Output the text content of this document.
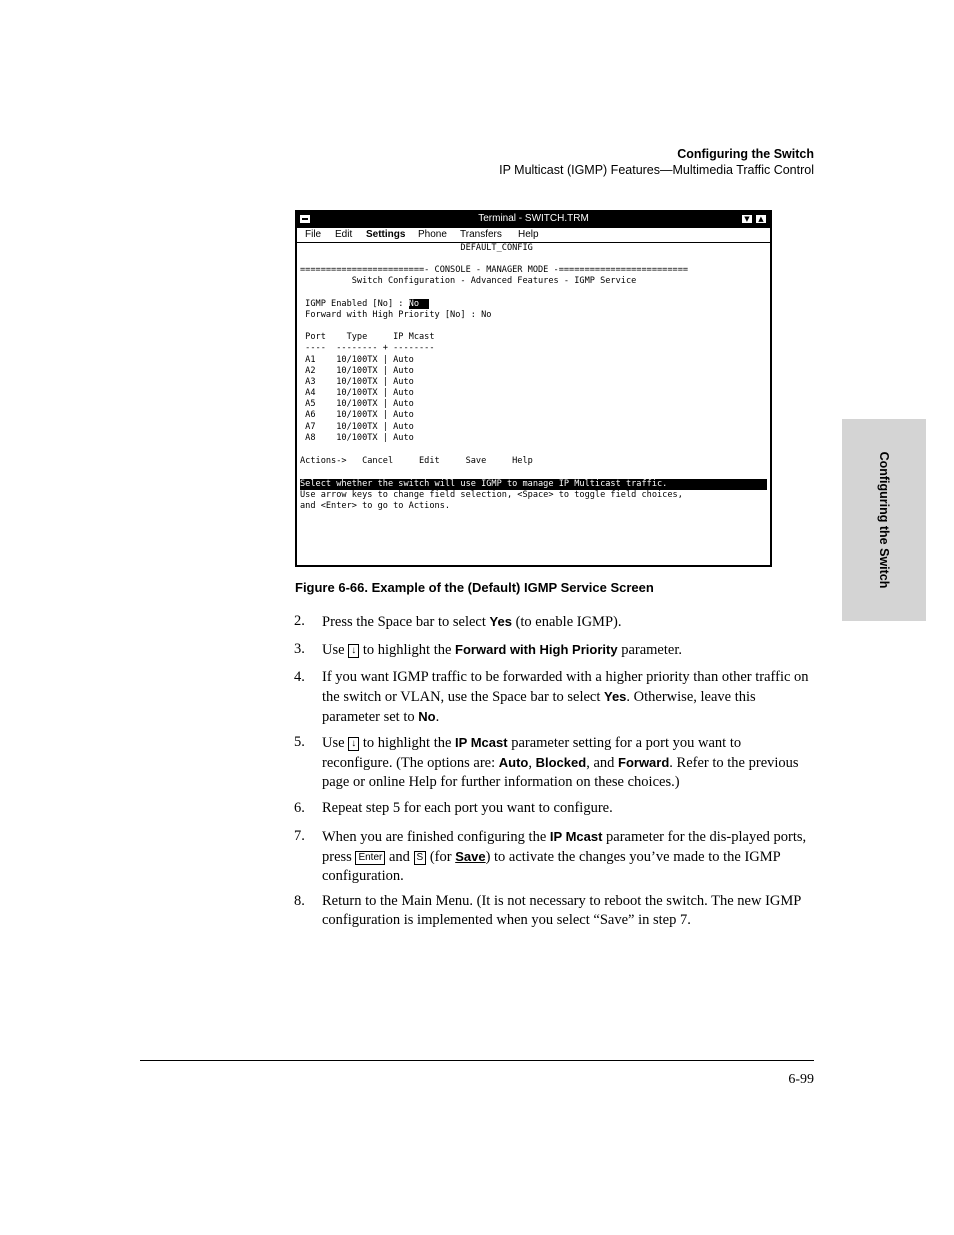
Configuring the Switch
IP Multicast (IGMP) Features—Multimedia Traffic Control
Configuring the Switch
Terminal - SWITCH.TRM	▼	▲
File Edit Settings Phone Transfers Help
DEFAULT_CONFIG
========================- CONSOLE - MANAGER MODE -=========================
Switch Configuration - Advanced Features - IGMP Service
IGMP Enabled [No] : No
Forward with High Priority [No] : No
Port    Type     IP Mcast
----  -------- + --------
A1    10/100TX | Auto
A2    10/100TX | Auto
A3    10/100TX | Auto
A4    10/100TX | Auto
A5    10/100TX | Auto
A6    10/100TX | Auto
A7    10/100TX | Auto
A8    10/100TX | Auto
Actions->   Cancel     Edit     Save     Help
Select whether the switch will use IGMP to manage IP Multicast traffic.
Use arrow keys to change field selection, <Space> to toggle field choices,
and <Enter> to go to Actions.
Figure 6-66. Example of the (Default) IGMP Service Screen
2. Press the Space bar to select Yes (to enable IGMP).
3. Use ↓ to highlight the Forward with High Priority parameter.
4. If you want IGMP traffic to be forwarded with a higher priority than other traffic on the switch or VLAN, use the Space bar to select Yes. Otherwise, leave this parameter set to No.
5. Use ↓ to highlight the IP Mcast parameter setting for a port you want to reconfigure. (The options are: Auto, Blocked, and Forward. Refer to the previous page or online Help for further information on these choices.)
6. Repeat step 5 for each port you want to configure.
7. When you are finished configuring the IP Mcast parameter for the dis-played ports, press Enter and S (for Save) to activate the changes you’ve made to the IGMP configuration.
8. Return to the Main Menu. (It is not necessary to reboot the switch. The new IGMP configuration is implemented when you select “Save” in step 7.
6-99
